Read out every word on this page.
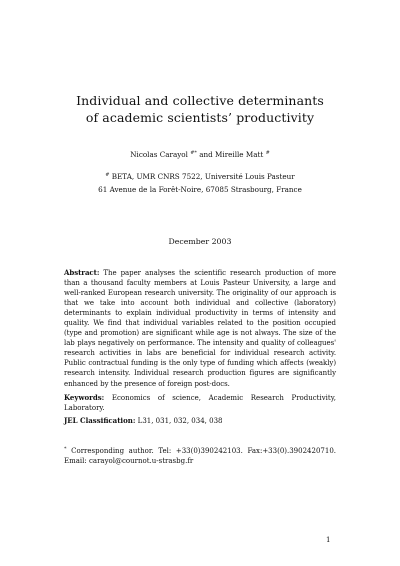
Individual and collective determinants
of academic scientists’ productivity
Nicolas Carayol #* and Mireille Matt #
# BETA, UMR CNRS 7522, Université Louis Pasteur
61 Avenue de la Forêt-Noire, 67085 Strasbourg, France
December 2003
Abstract: The paper analyses the scientific research production of more than a thousand faculty members at Louis Pasteur University, a large and well-ranked European research university. The originality of our approach is that we take into account both individual and collective (laboratory) determinants to explain individual productivity in terms of intensity and quality. We find that individual variables related to the position occupied (type and promotion) are significant while age is not always. The size of the lab plays negatively on performance. The intensity and quality of colleagues' research activities in labs are beneficial for individual research activity. Public contractual funding is the only type of funding which affects (weakly) research intensity. Individual research production figures are significantly enhanced by the presence of foreign post-docs.
Keywords: Economics of science, Academic Research Productivity, Laboratory.
JEL Classification: L31, 031, 032, 034, 038
* Corresponding author. Tel: +33(0)390242103. Fax:+33(0).3902420710. Email: carayol@cournot.u-strasbg.fr
1
